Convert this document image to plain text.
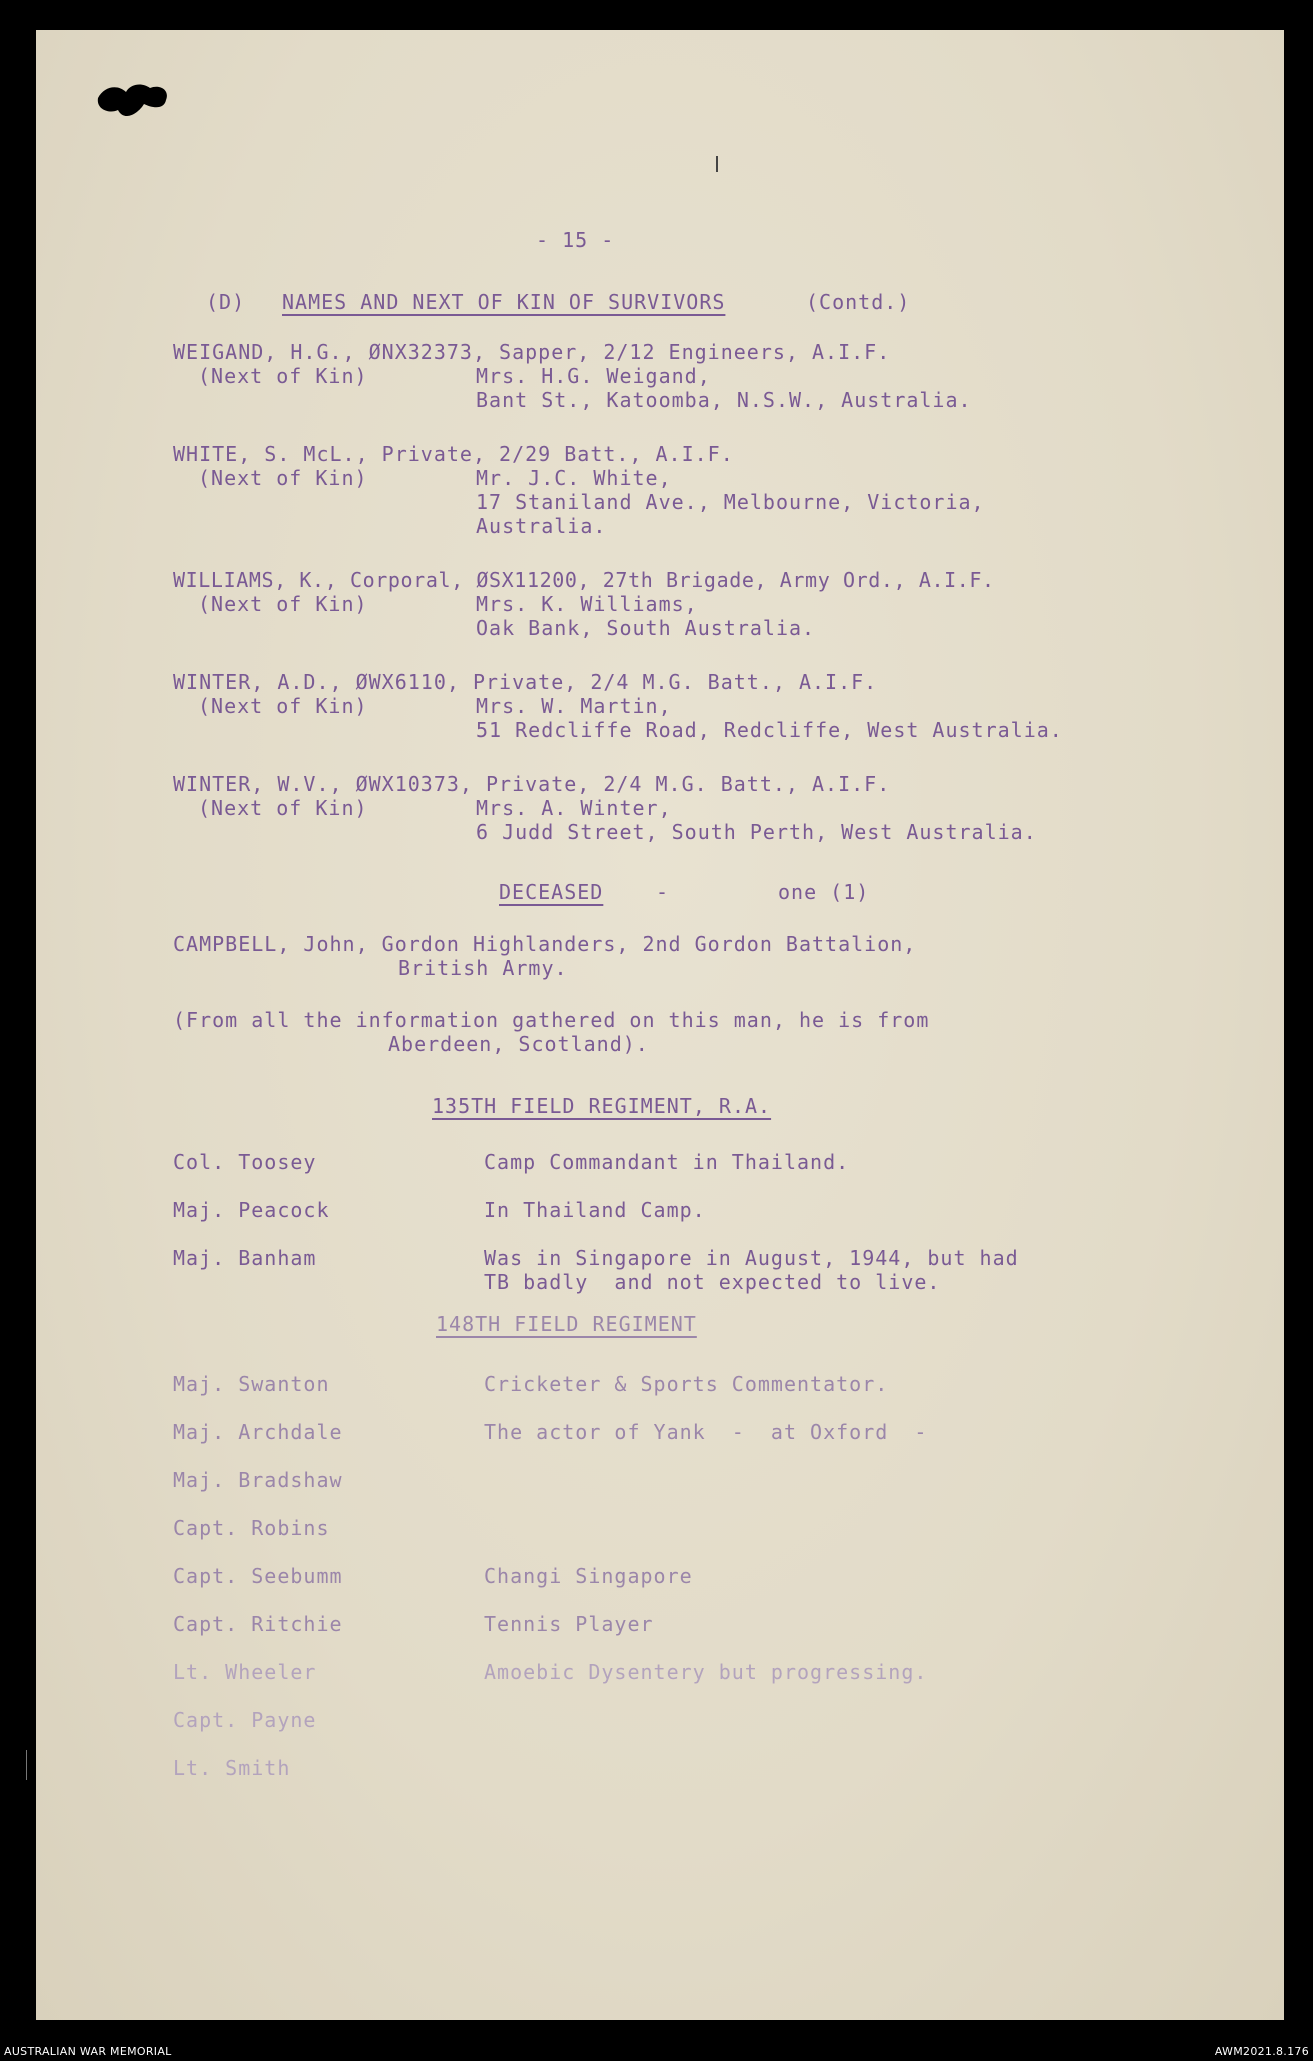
- 15 -
(D) NAMES AND NEXT OF KIN OF SURVIVORS	(Contd.)
WEIGAND, H.G., ØNX32373, Sapper, 2/12 Engineers, A.I.F.
(Next of Kin)	Mrs. H.G. Weigand,
Bant St., Katoomba, N.S.W., Australia.
WHITE, S. McL., Private, 2/29 Batt., A.I.F.
(Next of Kin)	Mr. J.C. White,
17 Staniland Ave., Melbourne, Victoria,
Australia.
WILLIAMS, K., Corporal, ØSX11200, 27th Brigade, Army Ord., A.I.F.
(Next of Kin)	Mrs. K. Williams,
Oak Bank, South Australia.
WINTER, A.D., ØWX6110, Private, 2/4 M.G. Batt., A.I.F.
(Next of Kin)	Mrs. W. Martin,
51 Redcliffe Road, Redcliffe, West Australia.
WINTER, W.V., ØWX10373, Private, 2/4 M.G. Batt., A.I.F.
(Next of Kin)	Mrs. A. Winter,
6 Judd Street, South Perth, West Australia.
DECEASED	-	one (1)
CAMPBELL, John, Gordon Highlanders, 2nd Gordon Battalion,
British Army.
(From all the information gathered on this man, he is from
Aberdeen, Scotland).
135TH FIELD REGIMENT, R.A.
Col. Toosey	Camp Commandant in Thailand.
Maj. Peacock	In Thailand Camp.
Maj. Banham	Was in Singapore in August, 1944, but had
TB badly  and not expected to live.
148TH FIELD REGIMENT
Maj. Swanton	Cricketer & Sports Commentator.
Maj. Archdale	The actor of Yank  -  at Oxford  -
Maj. Bradshaw
Capt. Robins
Capt. Seebumm	Changi Singapore
Capt. Ritchie	Tennis Player
Lt. Wheeler	Amoebic Dysentery but progressing.
Capt. Payne
Lt. Smith
AUSTRALIAN WAR MEMORIAL	AWM2021.8.176
